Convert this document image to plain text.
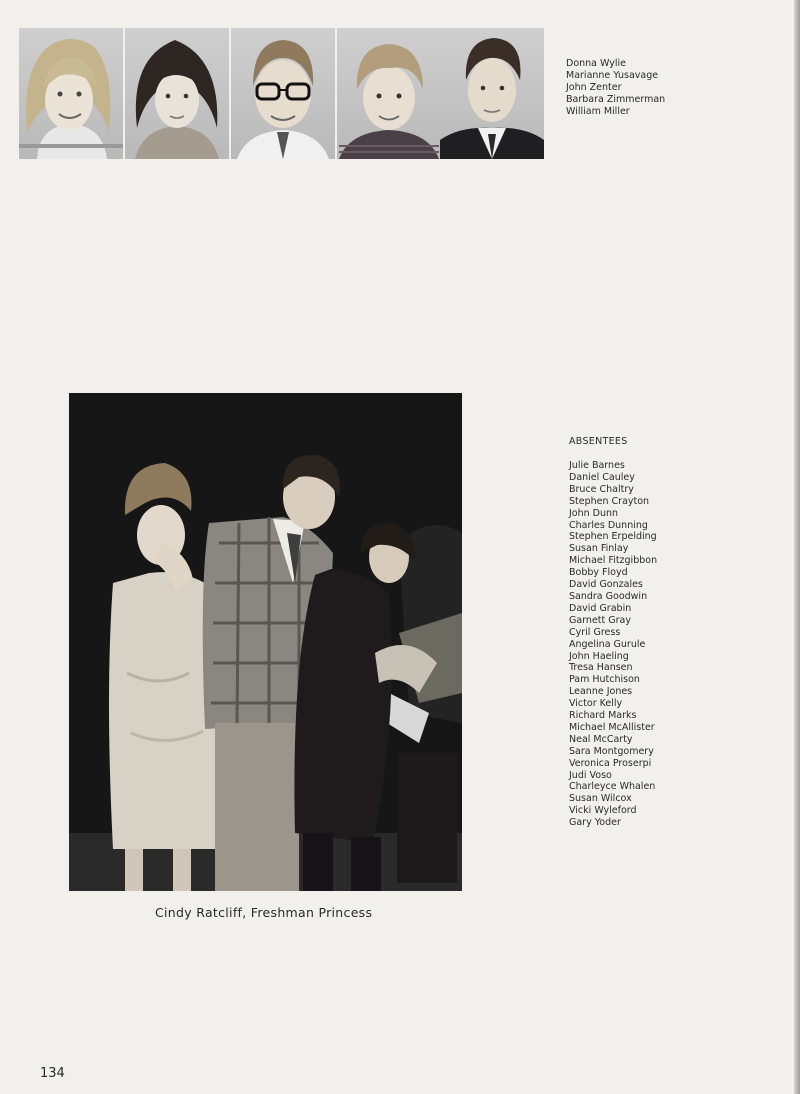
Donna Wylie
Marianne Yusavage
John Zenter
Barbara Zimmerman
William Miller
Cindy Ratcliff, Freshman Princess
ABSENTEES
Julie Barnes
Daniel Cauley
Bruce Chaltry
Stephen Crayton
John Dunn
Charles Dunning
Stephen Erpelding
Susan Finlay
Michael Fitzgibbon
Bobby Floyd
David Gonzales
Sandra Goodwin
David Grabin
Garnett Gray
Cyril Gress
Angelina Gurule
John Haeling
Tresa Hansen
Pam Hutchison
Leanne Jones
Victor Kelly
Richard Marks
Michael McAllister
Neal McCarty
Sara Montgomery
Veronica Proserpi
Judi Voso
Charleyce Whalen
Susan Wilcox
Vicki Wyleford
Gary Yoder
134
